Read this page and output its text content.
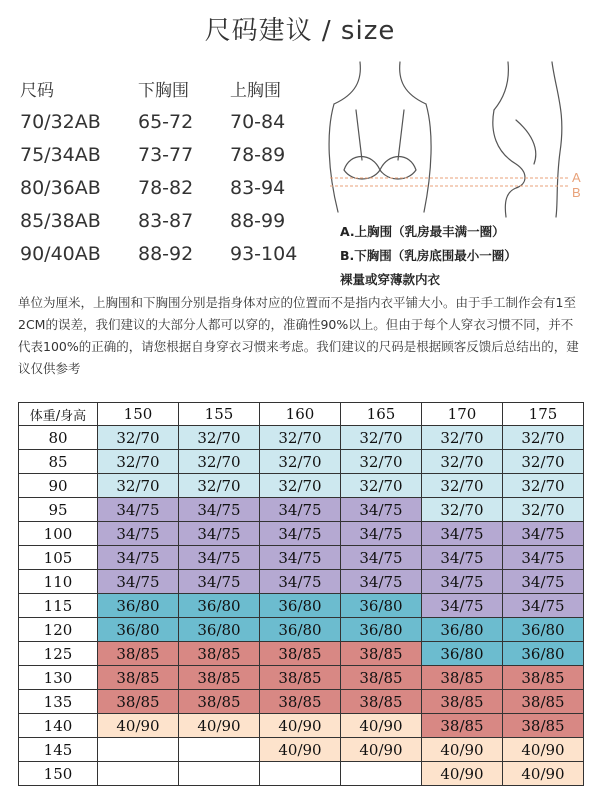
尺码建议 / size
尺码	下胸围	上胸围
70/32AB	65-72	70-84
75/34AB	73-77	78-89
80/36AB	78-82	83-94
85/38AB	83-87	88-99
90/40AB	88-92	93-104
A
B
A.上胸围（乳房最丰满一圈）
B.下胸围（乳房底围最小一圈）
裸量或穿薄款内衣

单位为厘米，上胸围和下胸围分别是指身体对应的位置而不是指内衣平铺大小。由于手工制作会有1至2CM的误差，我们建议的大部分人都可以穿的，准确性90%以上。但由于每个人穿衣习惯不同，并不代表100%的正确的，请您根据自身穿衣习惯来考虑。我们建议的尺码是根据顾客反馈后总结出的，建议仅供参考

体重/身高	150	155	160	165	170	175
80	32/70	32/70	32/70	32/70	32/70	32/70
85	32/70	32/70	32/70	32/70	32/70	32/70
90	32/70	32/70	32/70	32/70	32/70	32/70
95	34/75	34/75	34/75	34/75	32/70	32/70
100	34/75	34/75	34/75	34/75	34/75	34/75
105	34/75	34/75	34/75	34/75	34/75	34/75
110	34/75	34/75	34/75	34/75	34/75	34/75
115	36/80	36/80	36/80	36/80	34/75	34/75
120	36/80	36/80	36/80	36/80	36/80	36/80
125	38/85	38/85	38/85	38/85	36/80	36/80
130	38/85	38/85	38/85	38/85	38/85	38/85
135	38/85	38/85	38/85	38/85	38/85	38/85
140	40/90	40/90	40/90	40/90	38/85	38/85
145			40/90	40/90	40/90	40/90
150					40/90	40/90
